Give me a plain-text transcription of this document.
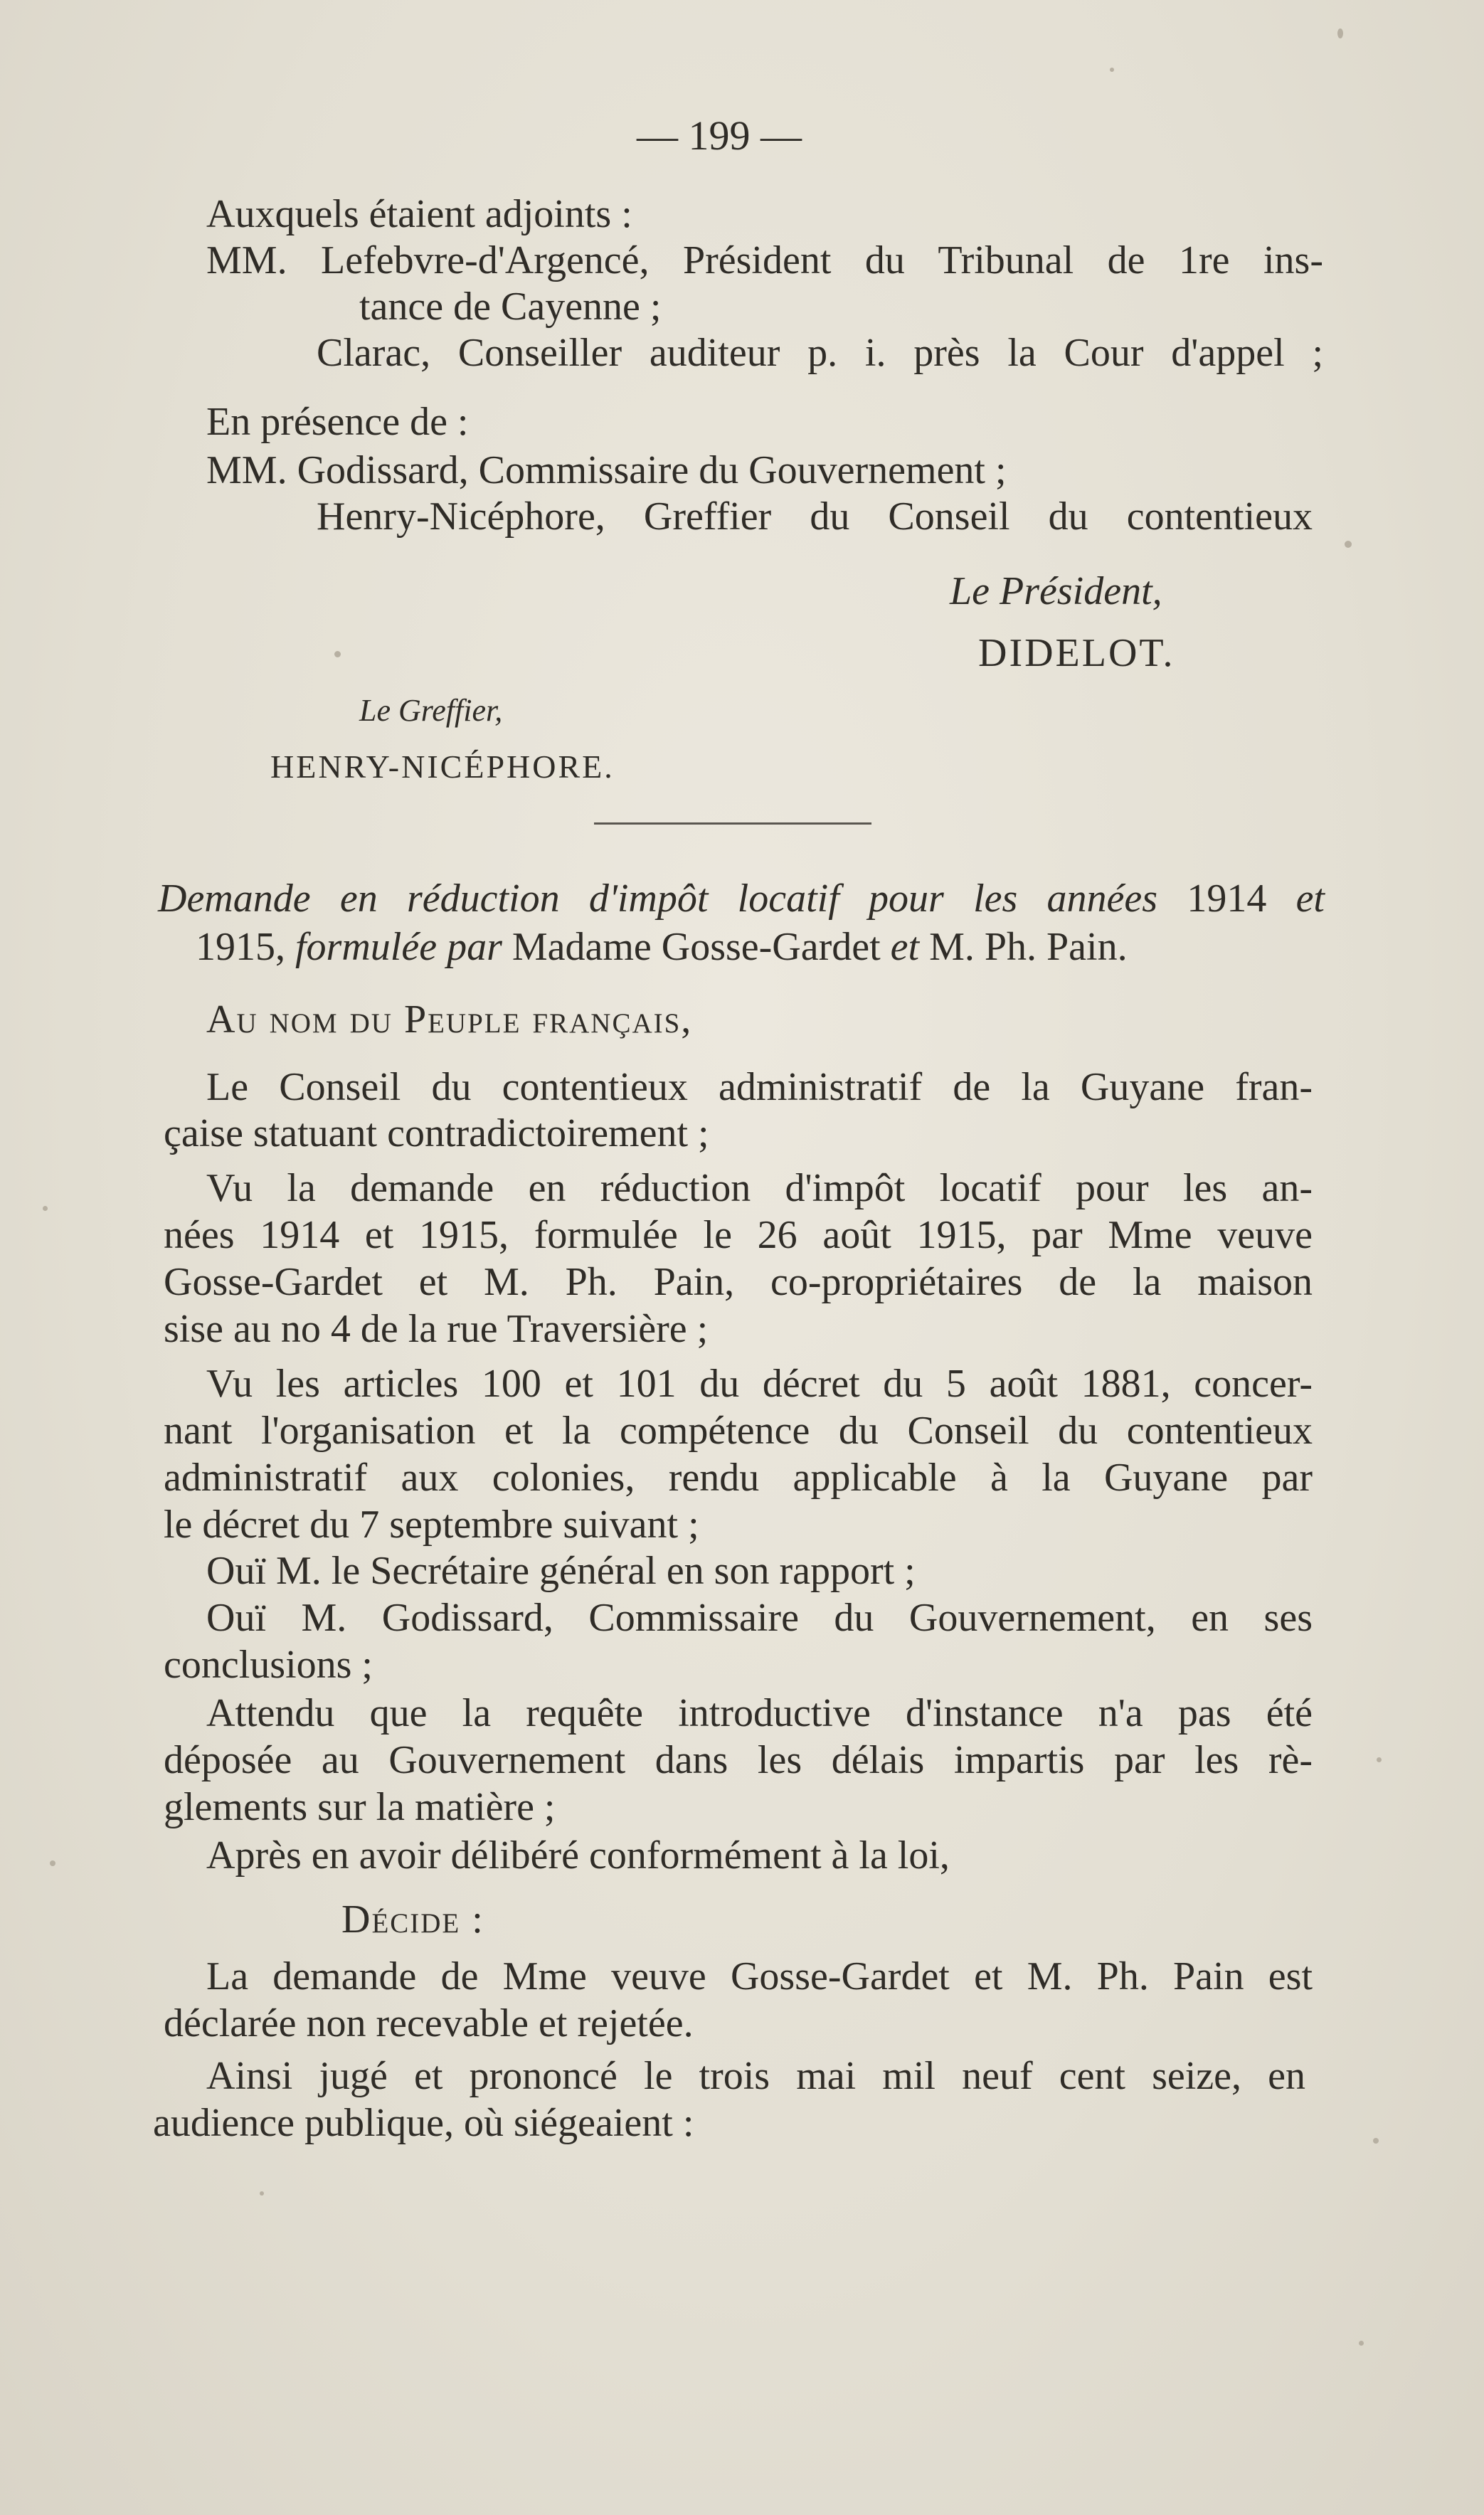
— 199 —
Auxquels étaient adjoints :
MM. Lefebvre-d'Argencé, Président du Tribunal de 1re ins-
tance de Cayenne ;
Clarac, Conseiller auditeur p. i. près la Cour d'appel ;
En présence de :
MM. Godissard, Commissaire du Gouvernement ;
Henry-Nicéphore, Greffier du Conseil du contentieux
Le Président,
DIDELOT.
Le Greffier,
HENRY-NICÉPHORE.
Demande en réduction d'impôt locatif pour les années 1914 et
1915, formulée par Madame Gosse-Gardet et M. Ph. Pain.
Au nom du Peuple français,
Le Conseil du contentieux administratif de la Guyane fran-
çaise statuant contradictoirement ;
Vu la demande en réduction d'impôt locatif pour les an-
nées 1914 et 1915, formulée le 26 août 1915, par Mme veuve
Gosse-Gardet et M. Ph. Pain, co-propriétaires de la maison
sise au no 4 de la rue Traversière ;
Vu les articles 100 et 101 du décret du 5 août 1881, concer-
nant l'organisation et la compétence du Conseil du contentieux
administratif aux colonies, rendu applicable à la Guyane par
le décret du 7 septembre suivant ;
Ouï M. le Secrétaire général en son rapport ;
Ouï M. Godissard, Commissaire du Gouvernement, en ses
conclusions ;
Attendu que la requête introductive d'instance n'a pas été
déposée au Gouvernement dans les délais impartis par les rè-
glements sur la matière ;
Après en avoir délibéré conformément à la loi,
Décide :
La demande de Mme veuve Gosse-Gardet et M. Ph. Pain est
déclarée non recevable et rejetée.
Ainsi jugé et prononcé le trois mai mil neuf cent seize, en
audience publique, où siégeaient :
